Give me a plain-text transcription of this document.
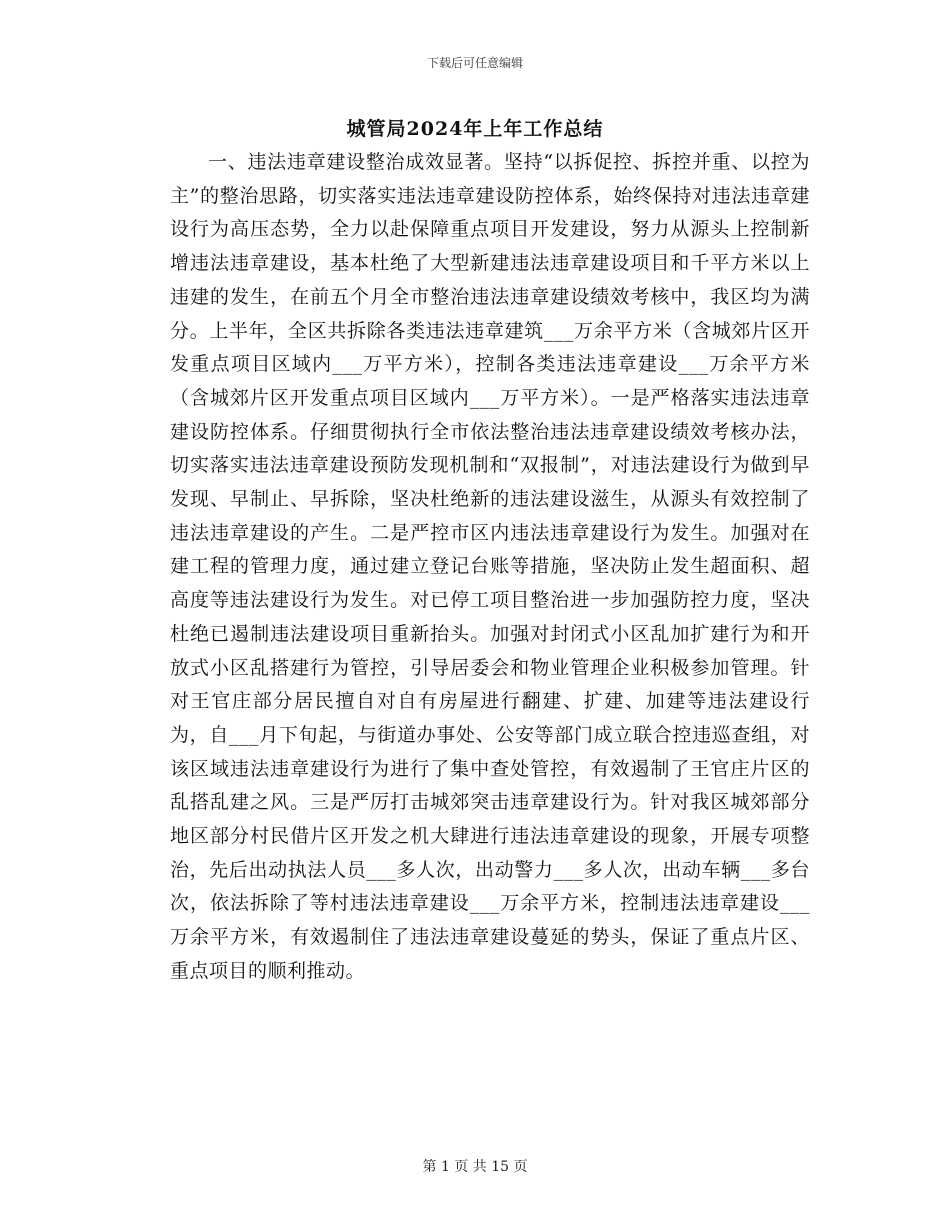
下载后可任意编辑
城管局2024年上年工作总结

一、违法违章建设整治成效显著。坚持“以拆促控、拆控并重、以控为主”的整治思路，切实落实违法违章建设防控体系，始终保持对违法违章建设行为高压态势，全力以赴保障重点项目开发建设，努力从源头上控制新增违法违章建设，基本杜绝了大型新建违法违章建设项目和千平方米以上违建的发生，在前五个月全市整治违法违章建设绩效考核中，我区均为满分。上半年，全区共拆除各类违法违章建筑___万余平方米（含城郊片区开发重点项目区域内___万平方米），控制各类违法违章建设___万余平方米（含城郊片区开发重点项目区域内___万平方米）。一是严格落实违法违章建设防控体系。仔细贯彻执行全市依法整治违法违章建设绩效考核办法，切实落实违法违章建设预防发现机制和“双报制”，对违法建设行为做到早发现、早制止、早拆除，坚决杜绝新的违法建设滋生，从源头有效控制了违法违章建设的产生。二是严控市区内违法违章建设行为发生。加强对在建工程的管理力度，通过建立登记台账等措施，坚决防止发生超面积、超高度等违法建设行为发生。对已停工项目整治进一步加强防控力度，坚决杜绝已遏制违法建设项目重新抬头。加强对封闭式小区乱加扩建行为和开放式小区乱搭建行为管控，引导居委会和物业管理企业积极参加管理。针对王官庄部分居民擅自对自有房屋进行翻建、扩建、加建等违法建设行为，自___月下旬起，与街道办事处、公安等部门成立联合控违巡查组，对该区域违法违章建设行为进行了集中查处管控，有效遏制了王官庄片区的乱搭乱建之风。三是严厉打击城郊突击违章建设行为。针对我区城郊部分地区部分村民借片区开发之机大肆进行违法违章建设的现象，开展专项整治，先后出动执法人员___多人次，出动警力___多人次，出动车辆___多台次，依法拆除了等村违法违章建设___万余平方米，控制违法违章建设___万余平方米，有效遏制住了违法违章建设蔓延的势头，保证了重点片区、重点项目的顺利推动。

第 1 页 共 15 页
